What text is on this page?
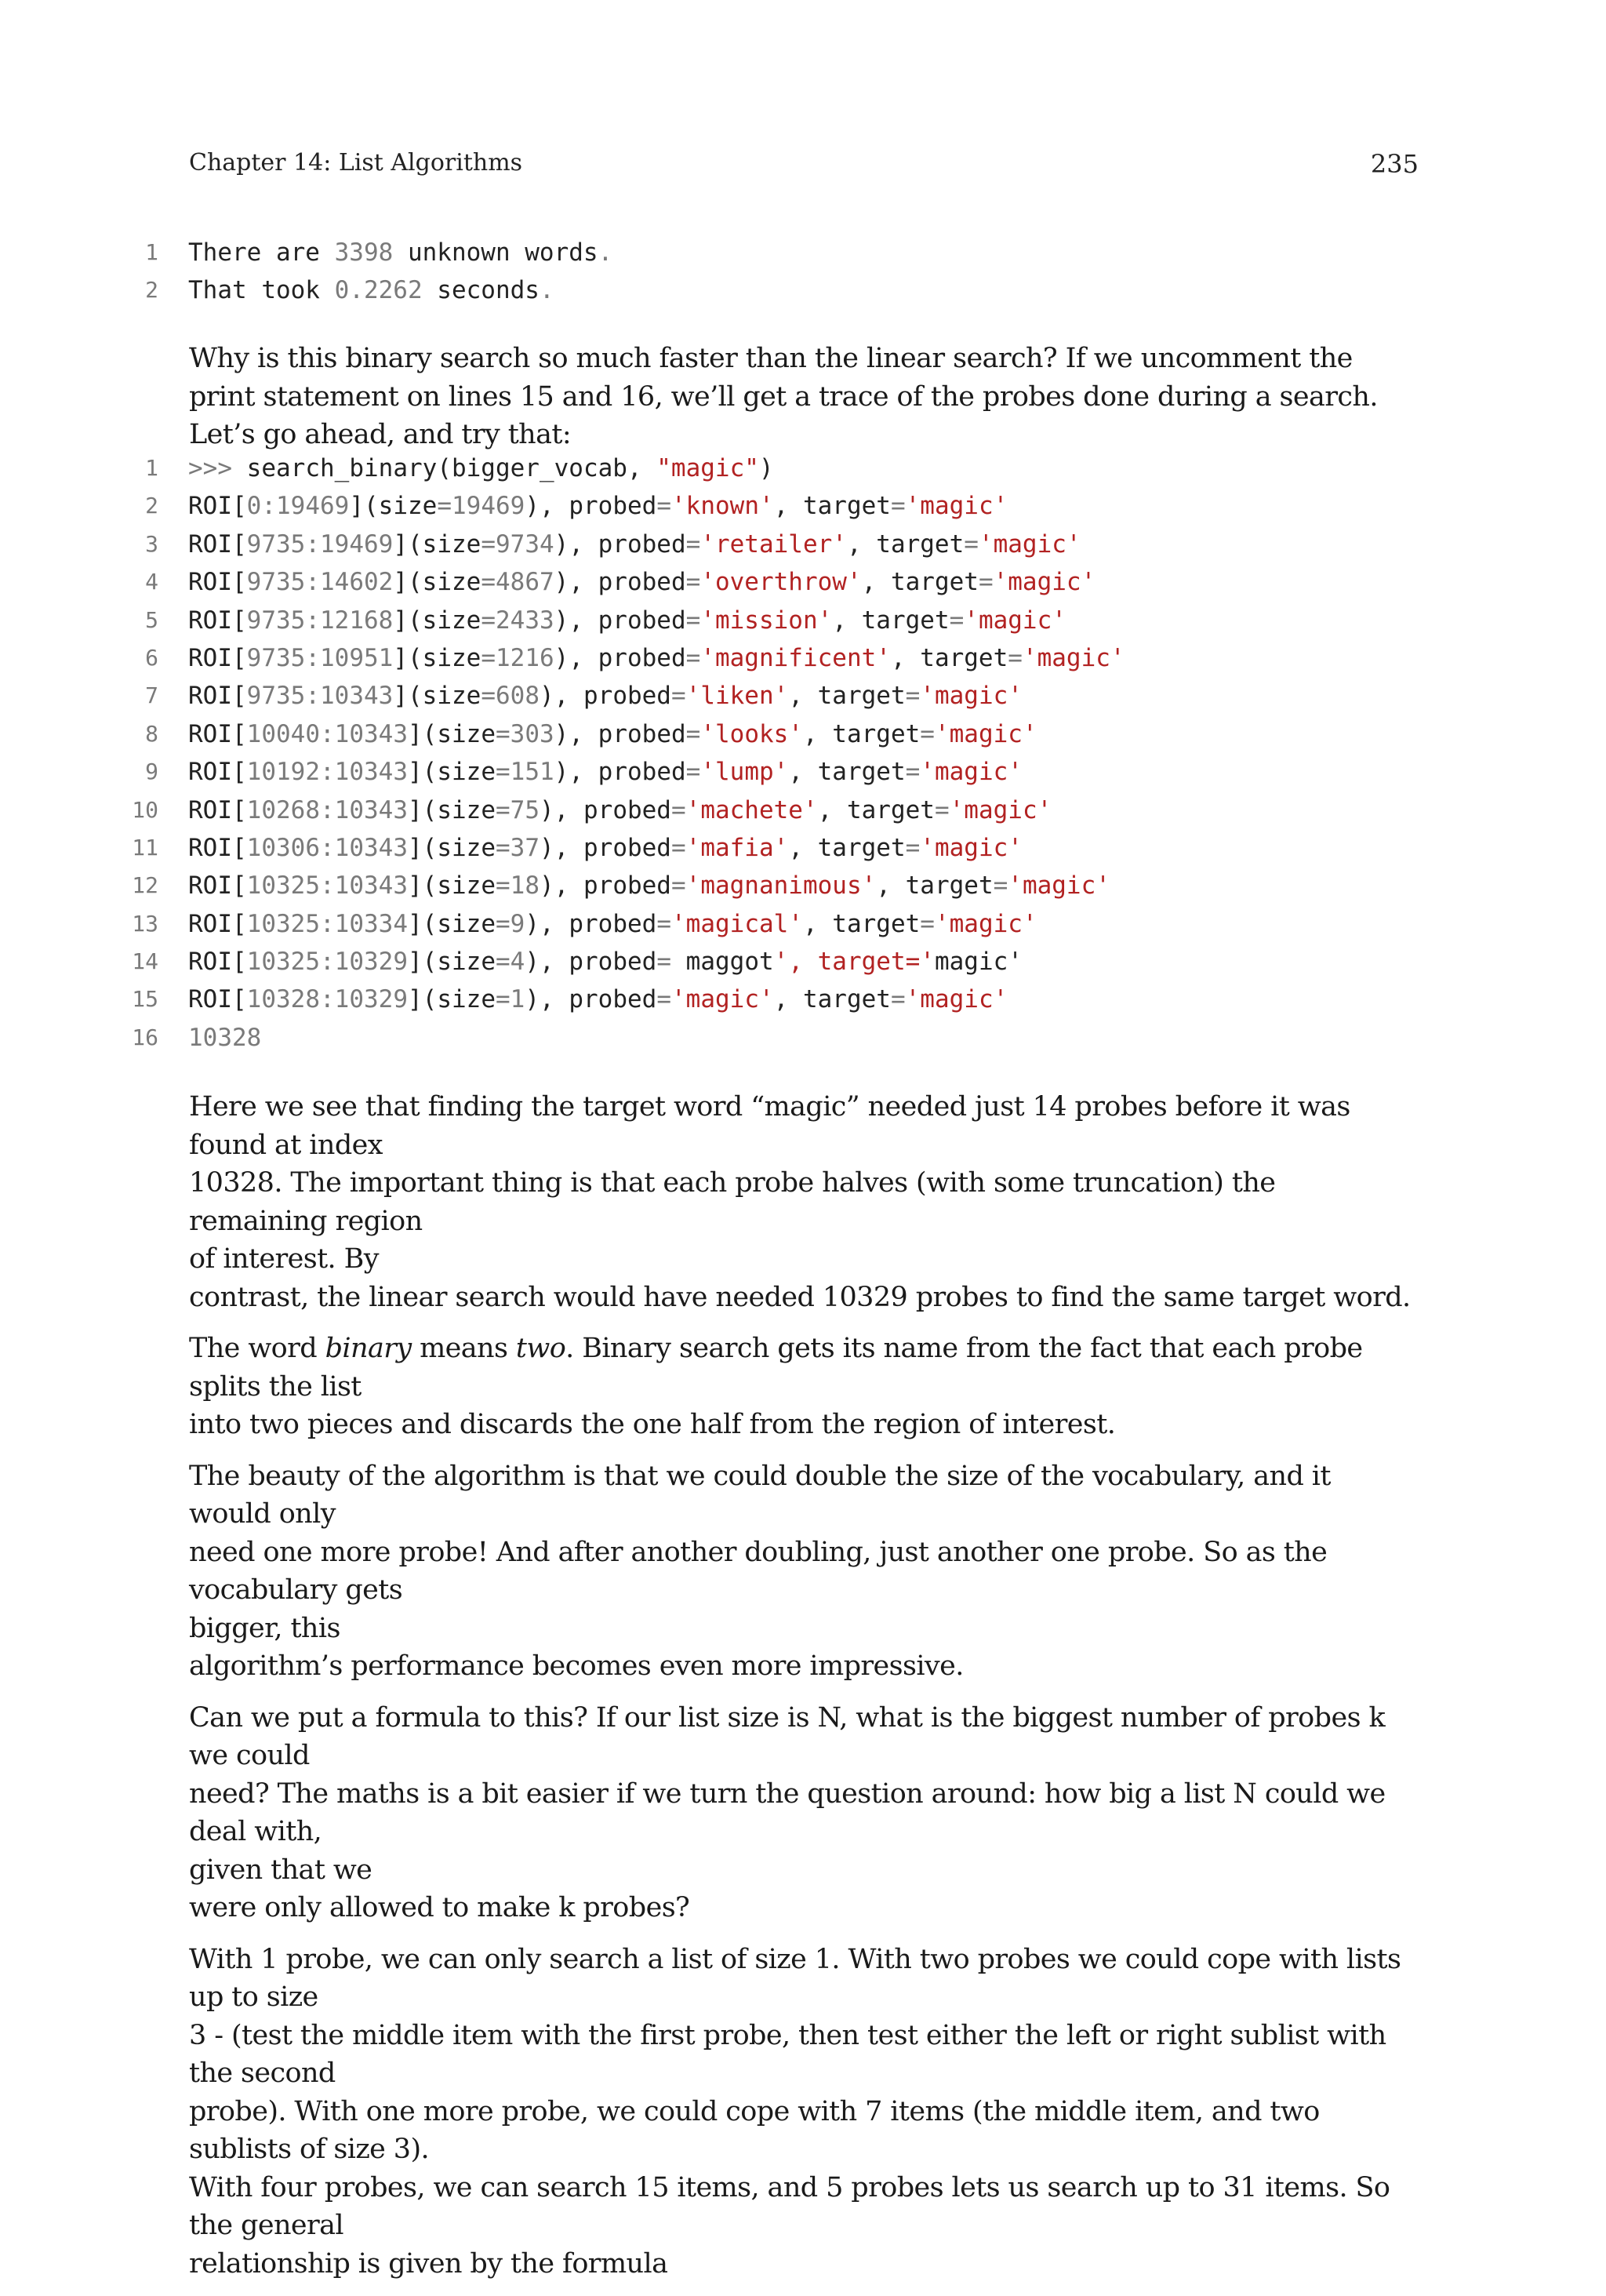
Chapter 14: List Algorithms	235
1 There are 3398 unknown words.
2 That took 0.2262 seconds.
Why is this binary search so much faster than the linear search? If we uncomment the print statement on lines 15 and 16, we’ll get a trace of the probes done during a search. Let’s go ahead, and try that:
1 >>> search_binary(bigger_vocab, "magic")
2 ROI[0:19469](size=19469), probed='known', target='magic'
3 ROI[9735:19469](size=9734), probed='retailer', target='magic'
4 ROI[9735:14602](size=4867), probed='overthrow', target='magic'
5 ROI[9735:12168](size=2433), probed='mission', target='magic'
6 ROI[9735:10951](size=1216), probed='magnificent', target='magic'
7 ROI[9735:10343](size=608), probed='liken', target='magic'
8 ROI[10040:10343](size=303), probed='looks', target='magic'
9 ROI[10192:10343](size=151), probed='lump', target='magic'
10 ROI[10268:10343](size=75), probed='machete', target='magic'
11 ROI[10306:10343](size=37), probed='mafia', target='magic'
12 ROI[10325:10343](size=18), probed='magnanimous', target='magic'
13 ROI[10325:10334](size=9), probed='magical', target='magic'
14 ROI[10325:10329](size=4), probed= maggot', target='magic'
15 ROI[10328:10329](size=1), probed='magic', target='magic'
16 10328
Here we see that finding the target word “magic” needed just 14 probes before it was found at index
10328. The important thing is that each probe halves (with some truncation) the remaining region
of interest. By
contrast, the linear search would have needed 10329 probes to find the same target word.
The word binary means two. Binary search gets its name from the fact that each probe splits the list
into two pieces and discards the one half from the region of interest.
The beauty of the algorithm is that we could double the size of the vocabulary, and it would only
need one more probe! And after another doubling, just another one probe. So as the vocabulary gets
bigger, this
algorithm’s performance becomes even more impressive.
Can we put a formula to this? If our list size is N, what is the biggest number of probes k we could
need? The maths is a bit easier if we turn the question around: how big a list N could we deal with,
given that we
were only allowed to make k probes?
With 1 probe, we can only search a list of size 1. With two probes we could cope with lists up to size
3 - (test the middle item with the first probe, then test either the left or right sublist with the second
probe). With one more probe, we could cope with 7 items (the middle item, and two sublists of size 3).
With four probes, we can search 15 items, and 5 probes lets us search up to 31 items. So the general
relationship is given by the formula
